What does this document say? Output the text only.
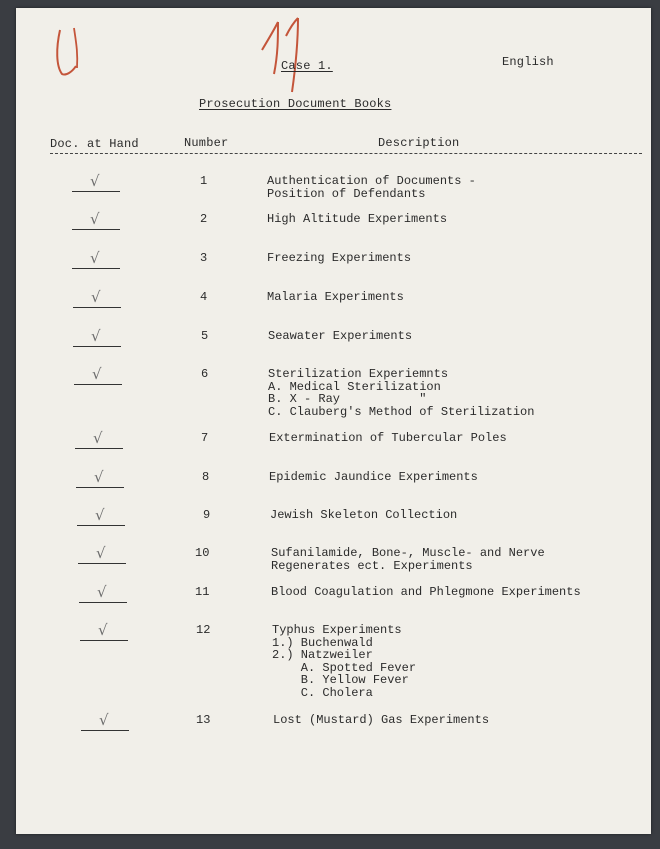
Case 1.	English
Prosecution Document Books
Doc. at Hand	Number	Description
√	1	Authentication of Documents -
Position of Defendants
√	2	High Altitude Experiments
√	3	Freezing Experiments
√	4	Malaria Experiments
√	5	Seawater Experiments
√	6	Sterilization Experiemnts
A. Medical Sterilization
B. X - Ray           "
C. Clauberg's Method of Sterilization
√	7	Extermination of Tubercular Poles
√	8	Epidemic Jaundice Experiments
√	9	Jewish Skeleton Collection
√	10	Sufanilamide, Bone-, Muscle- and Nerve
Regenerates ect. Experiments
√	11	Blood Coagulation and Phlegmone Experiments
√	12	Typhus Experiments
1.) Buchenwald
2.) Natzweiler
A. Spotted Fever
B. Yellow Fever
C. Cholera
√	13	Lost (Mustard) Gas Experiments
